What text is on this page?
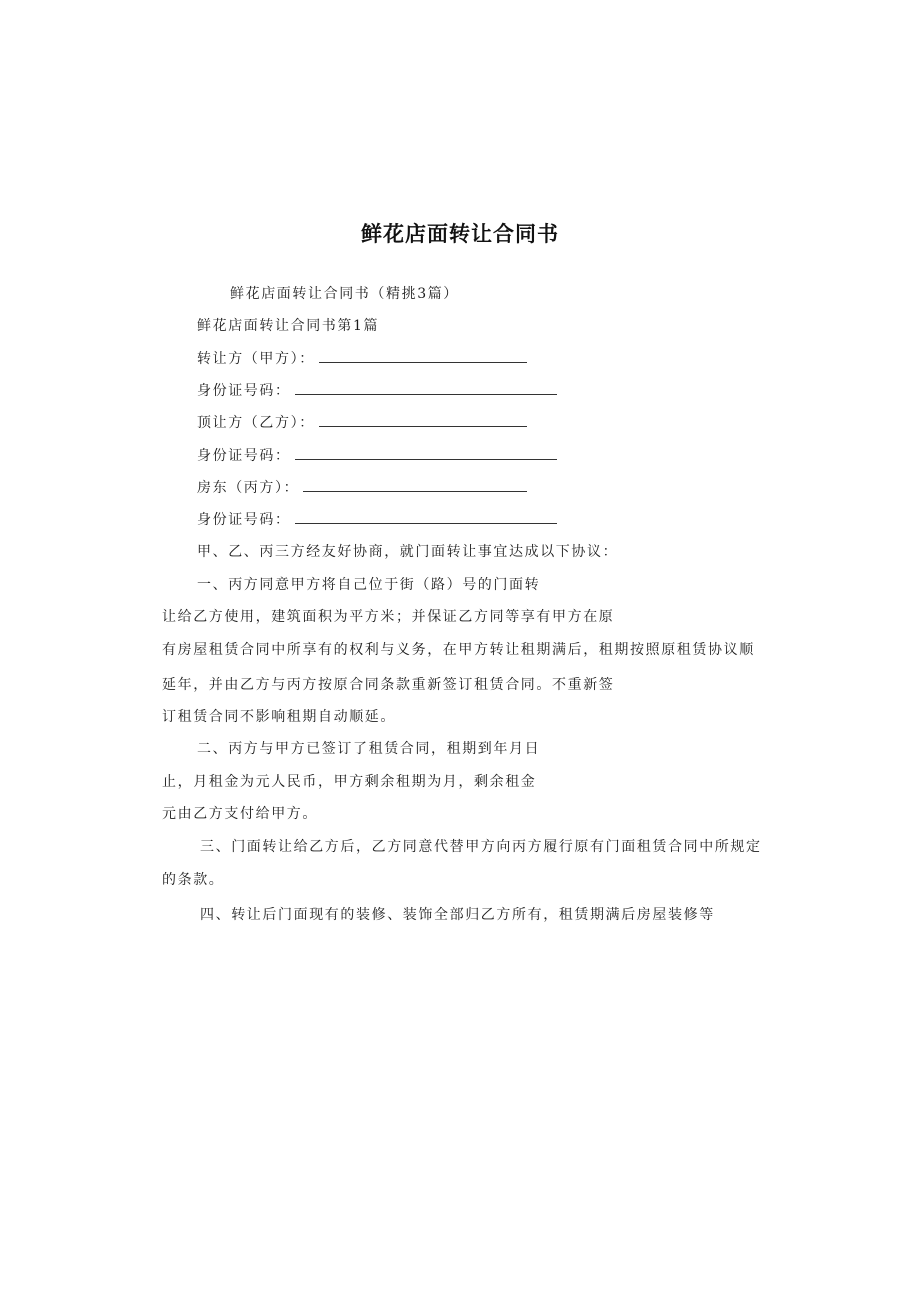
鲜花店面转让合同书
鲜花店面转让合同书（精挑3篇）
鲜花店面转让合同书第1篇
转让方（甲方）：
身份证号码：
顶让方（乙方）：
身份证号码：
房东（丙方）：
身份证号码：
甲、乙、丙三方经友好协商，就门面转让事宜达成以下协议：
一、丙方同意甲方将自己位于街（路）号的门面转
让给乙方使用，建筑面积为平方米；并保证乙方同等享有甲方在原
有房屋租赁合同中所享有的权利与义务，在甲方转让租期满后，租期按照原租赁协议顺
延年，并由乙方与丙方按原合同条款重新签订租赁合同。不重新签
订租赁合同不影响租期自动顺延。
二、丙方与甲方已签订了租赁合同，租期到年月日
止，月租金为元人民币，甲方剩余租期为月，剩余租金
元由乙方支付给甲方。
三、门面转让给乙方后，乙方同意代替甲方向丙方履行原有门面租赁合同中所规定
的条款。
四、转让后门面现有的装修、装饰全部归乙方所有，租赁期满后房屋装修等
